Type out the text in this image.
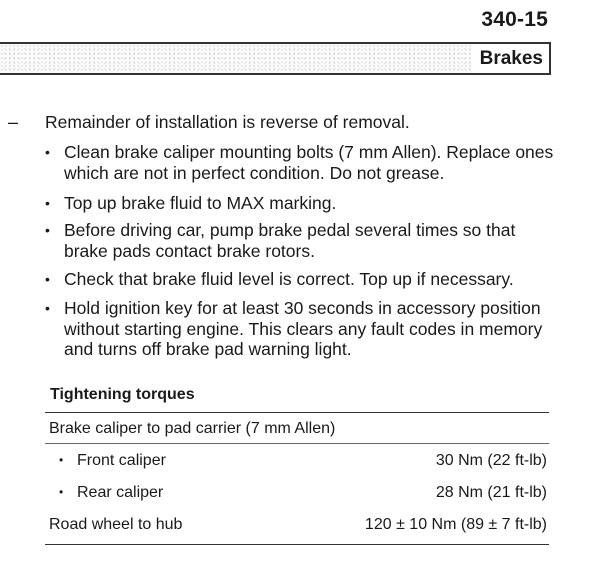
340-15
Brakes
– Remainder of installation is reverse of removal.
• Clean brake caliper mounting bolts (7 mm Allen). Replace ones which are not in perfect condition. Do not grease.
• Top up brake fluid to MAX marking.
• Before driving car, pump brake pedal several times so that brake pads contact brake rotors.
• Check that brake fluid level is correct. Top up if necessary.
• Hold ignition key for at least 30 seconds in accessory position without starting engine. This clears any fault codes in memory and turns off brake pad warning light.
Tightening torques
Brake caliper to pad carrier (7 mm Allen)
• Front caliper	30 Nm (22 ft-lb)
• Rear caliper	28 Nm (21 ft-lb)
Road wheel to hub	120 ± 10 Nm (89 ± 7 ft-lb)
